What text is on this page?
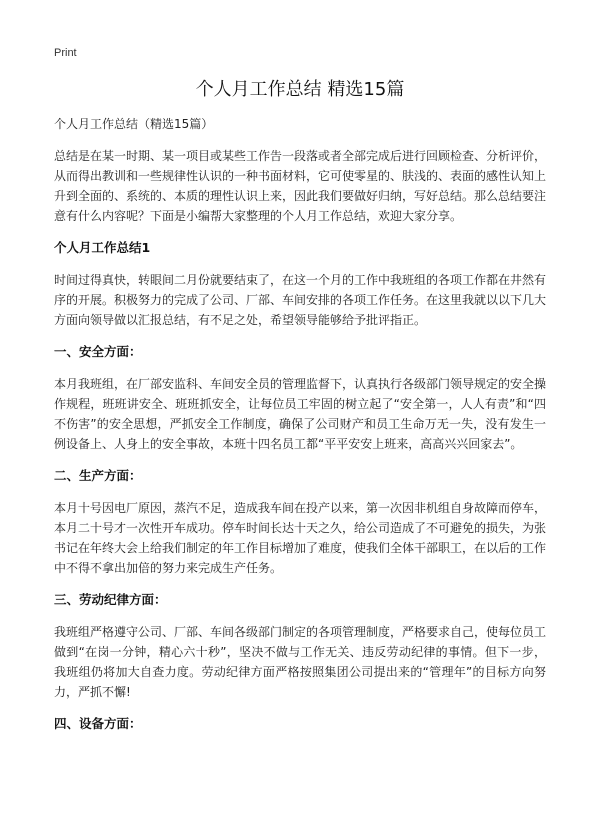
Print
个人月工作总结 精选15篇
个人月工作总结（精选15篇）

总结是在某一时期、某一项目或某些工作告一段落或者全部完成后进行回顾检查、分析评价，从而得出教训和一些规律性认识的一种书面材料，它可使零星的、肤浅的、表面的感性认知上升到全面的、系统的、本质的理性认识上来，因此我们要做好归纳，写好总结。那么总结要注意有什么内容呢？下面是小编帮大家整理的个人月工作总结，欢迎大家分享。

个人月工作总结1

时间过得真快，转眼间二月份就要结束了，在这一个月的工作中我班组的各项工作都在井然有序的开展。积极努力的完成了公司、厂部、车间安排的各项工作任务。在这里我就以以下几大方面向领导做以汇报总结，有不足之处，希望领导能够给予批评指正。

一、安全方面：

本月我班组，在厂部安监科、车间安全员的管理监督下，认真执行各级部门领导规定的安全操作规程，班班讲安全、班班抓安全，让每位员工牢固的树立起了“安全第一，人人有责”和“四不伤害”的安全思想，严抓安全工作制度，确保了公司财产和员工生命万无一失，没有发生一例设备上、人身上的安全事故，本班十四名员工都“平平安安上班来，高高兴兴回家去”。

二、生产方面：

本月十号因电厂原因，蒸汽不足，造成我车间在投产以来，第一次因非机组自身故障而停车，本月二十号才一次性开车成功。停车时间长达十天之久，给公司造成了不可避免的损失，为张书记在年终大会上给我们制定的年工作目标增加了难度，使我们全体干部职工，在以后的工作中不得不拿出加倍的努力来完成生产任务。

三、劳动纪律方面：

我班组严格遵守公司、厂部、车间各级部门制定的各项管理制度，严格要求自己，使每位员工做到“在岗一分钟，精心六十秒”，坚决不做与工作无关、违反劳动纪律的事情。但下一步，我班组仍将加大自查力度。劳动纪律方面严格按照集团公司提出来的“管理年”的目标方向努力，严抓不懈!

四、设备方面：
